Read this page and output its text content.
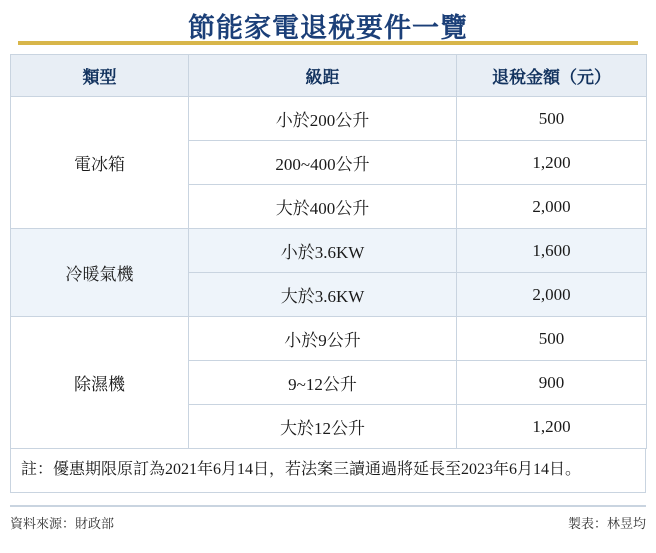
節能家電退稅要件一覽
類型	級距	退稅金額（元）
電冰箱	小於200公升	500
	200~400公升	1,200
	大於400公升	2,000
冷暖氣機	小於3.6KW	1,600
	大於3.6KW	2,000
除濕機	小於9公升	500
	9~12公升	900
	大於12公升	1,200
註：優惠期限原訂為2021年6月14日，若法案三讀通過將延長至2023年6月14日。
資料來源：財政部	製表：林昱均
